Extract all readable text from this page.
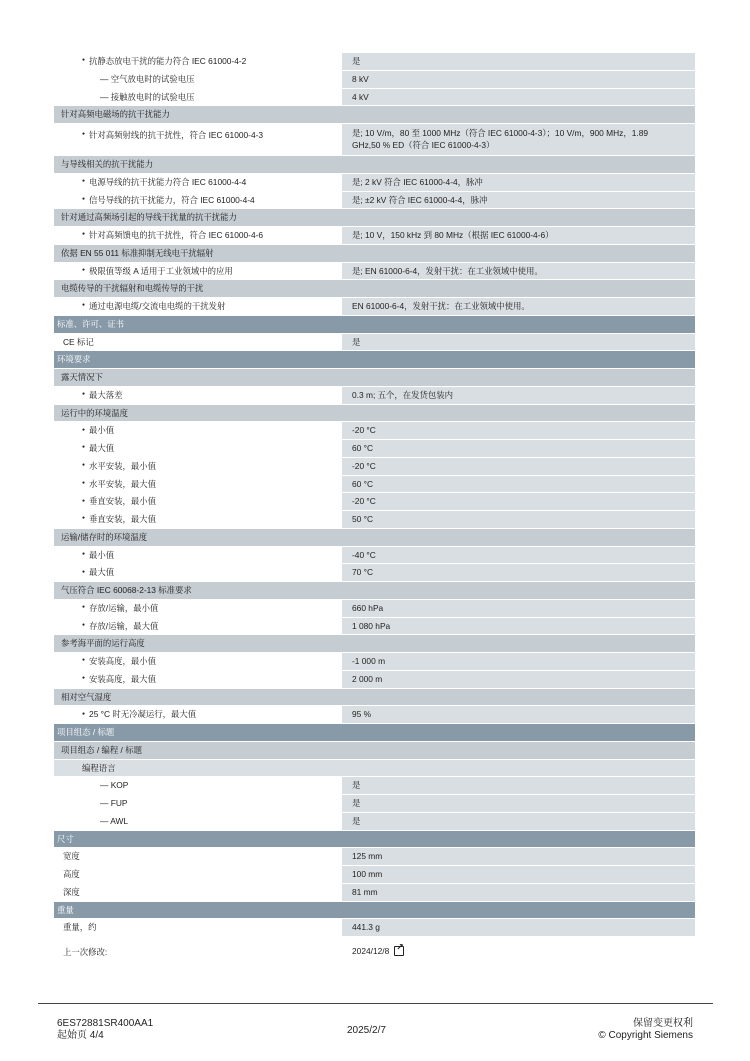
● 抗静态放电干扰的能力符合 IEC 61000-4-2	是
— 空气放电时的试验电压	8 kV
— 接触放电时的试验电压	4 kV
针对高频电磁场的抗干扰能力
● 针对高频射线的抗干扰性，符合 IEC 61000-4-3	是; 10 V/m，80 至 1000 MHz（符合 IEC 61000-4-3）；10 V/m，900 MHz，1.89 GHz,50 % ED（符合 IEC 61000-4-3）
与导线相关的抗干扰能力
● 电源导线的抗干扰能力符合 IEC 61000-4-4	是; 2 kV 符合 IEC 61000-4-4，脉冲
● 信号导线的抗干扰能力，符合 IEC 61000-4-4	是; ±2 kV 符合 IEC 61000-4-4，脉冲
针对通过高频场引起的导线干扰量的抗干扰能力
● 针对高频馈电的抗干扰性，符合 IEC 61000-4-6	是; 10 V，150 kHz 到 80 MHz（根据 IEC 61000-4-6）
依据 EN 55 011 标准抑制无线电干扰辐射
● 极限值等级 A 适用于工业领域中的应用	是; EN 61000-6-4，发射干扰：在工业领域中使用。
电缆传导的干扰辐射和电缆传导的干扰
● 通过电源电缆/交流电电缆的干扰发射	EN 61000-6-4，发射干扰：在工业领域中使用。
标准、许可、证书
CE 标记	是
环境要求
露天情况下
● 最大落差	0.3 m; 五个，在发货包装内
运行中的环境温度
● 最小值	-20 °C
● 最大值	60 °C
● 水平安装，最小值	-20 °C
● 水平安装，最大值	60 °C
● 垂直安装，最小值	-20 °C
● 垂直安装，最大值	50 °C
运输/储存时的环境温度
● 最小值	-40 °C
● 最大值	70 °C
气压符合 IEC 60068-2-13 标准要求
● 存放/运输，最小值	660 hPa
● 存放/运输，最大值	1 080 hPa
参考海平面的运行高度
● 安装高度，最小值	-1 000 m
● 安装高度，最大值	2 000 m
相对空气湿度
● 25 °C 时无冷凝运行，最大值	95 %
项目组态 / 标题
项目组态 / 编程 / 标题
编程语言
— KOP	是
— FUP	是
— AWL	是
尺寸
宽度	125 mm
高度	100 mm
深度	81 mm
重量
重量，约	441.3 g
上一次修改:	2024/12/8↗
6ES72881SR400AA1
起始页 4/4	2025/2/7
保留变更权利
© Copyright Siemens
